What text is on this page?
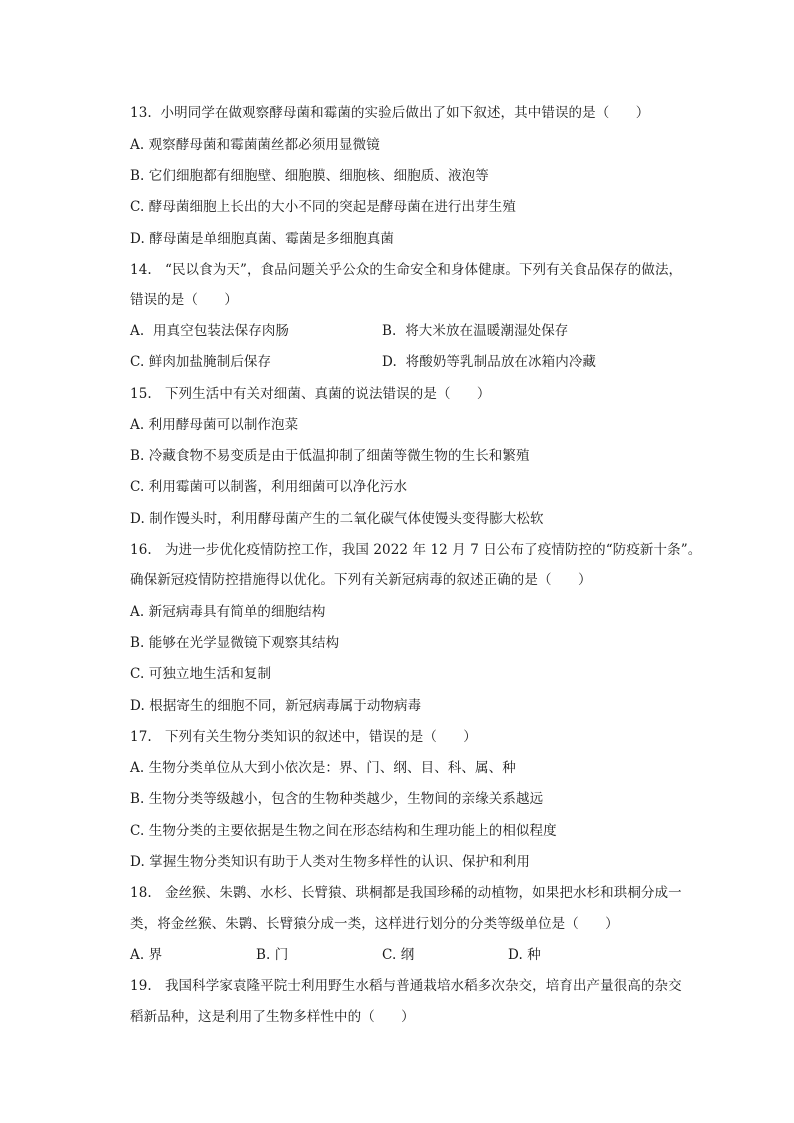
13.  小明同学在做观察酵母菌和霉菌的实验后做出了如下叙述，其中错误的是（      ）
A. 观察酵母菌和霉菌菌丝都必须用显微镜
B. 它们细胞都有细胞壁、细胞膜、细胞核、细胞质、液泡等
C. 酵母菌细胞上长出的大小不同的突起是酵母菌在进行出芽生殖
D. 酵母菌是单细胞真菌、霉菌是多细胞真菌
14.   “民以食为天”，食品问题关乎公众的生命安全和身体健康。下列有关食品保存的做法，
错误的是（      ）
A.  用真空包装法保存肉肠	B.  将大米放在温暖潮湿处保存
C. 鲜肉加盐腌制后保存	D.  将酸奶等乳制品放在冰箱内冷藏
15.   下列生活中有关对细菌、真菌的说法错误的是（      ）
A. 利用酵母菌可以制作泡菜
B. 冷藏食物不易变质是由于低温抑制了细菌等微生物的生长和繁殖
C. 利用霉菌可以制酱，利用细菌可以净化污水
D. 制作馒头时，利用酵母菌产生的二氧化碳气体使馒头变得膨大松软
16.   为进一步优化疫情防控工作，我国 2022 年 12 月 7 日公布了疫情防控的“防疫新十条”。
确保新冠疫情防控措施得以优化。下列有关新冠病毒的叙述正确的是（      ）
A. 新冠病毒具有简单的细胞结构
B. 能够在光学显微镜下观察其结构
C. 可独立地生活和复制
D. 根据寄生的细胞不同，新冠病毒属于动物病毒
17.   下列有关生物分类知识的叙述中，错误的是（      ）
A. 生物分类单位从大到小依次是：界、门、纲、目、科、属、种
B. 生物分类等级越小，包含的生物种类越少，生物间的亲缘关系越远
C. 生物分类的主要依据是生物之间在形态结构和生理功能上的相似程度
D. 掌握生物分类知识有助于人类对生物多样性的认识、保护和利用
18.   金丝猴、朱鹮、水杉、长臂猿、珙桐都是我国珍稀的动植物，如果把水杉和珙桐分成一
类，将金丝猴、朱鹮、长臂猿分成一类，这样进行划分的分类等级单位是（      ）
A. 界	B. 门	C. 纲	D. 种
19.   我国科学家袁隆平院士利用野生水稻与普通栽培水稻多次杂交，培育出产量很高的杂交
稻新品种，这是利用了生物多样性中的（      ）
